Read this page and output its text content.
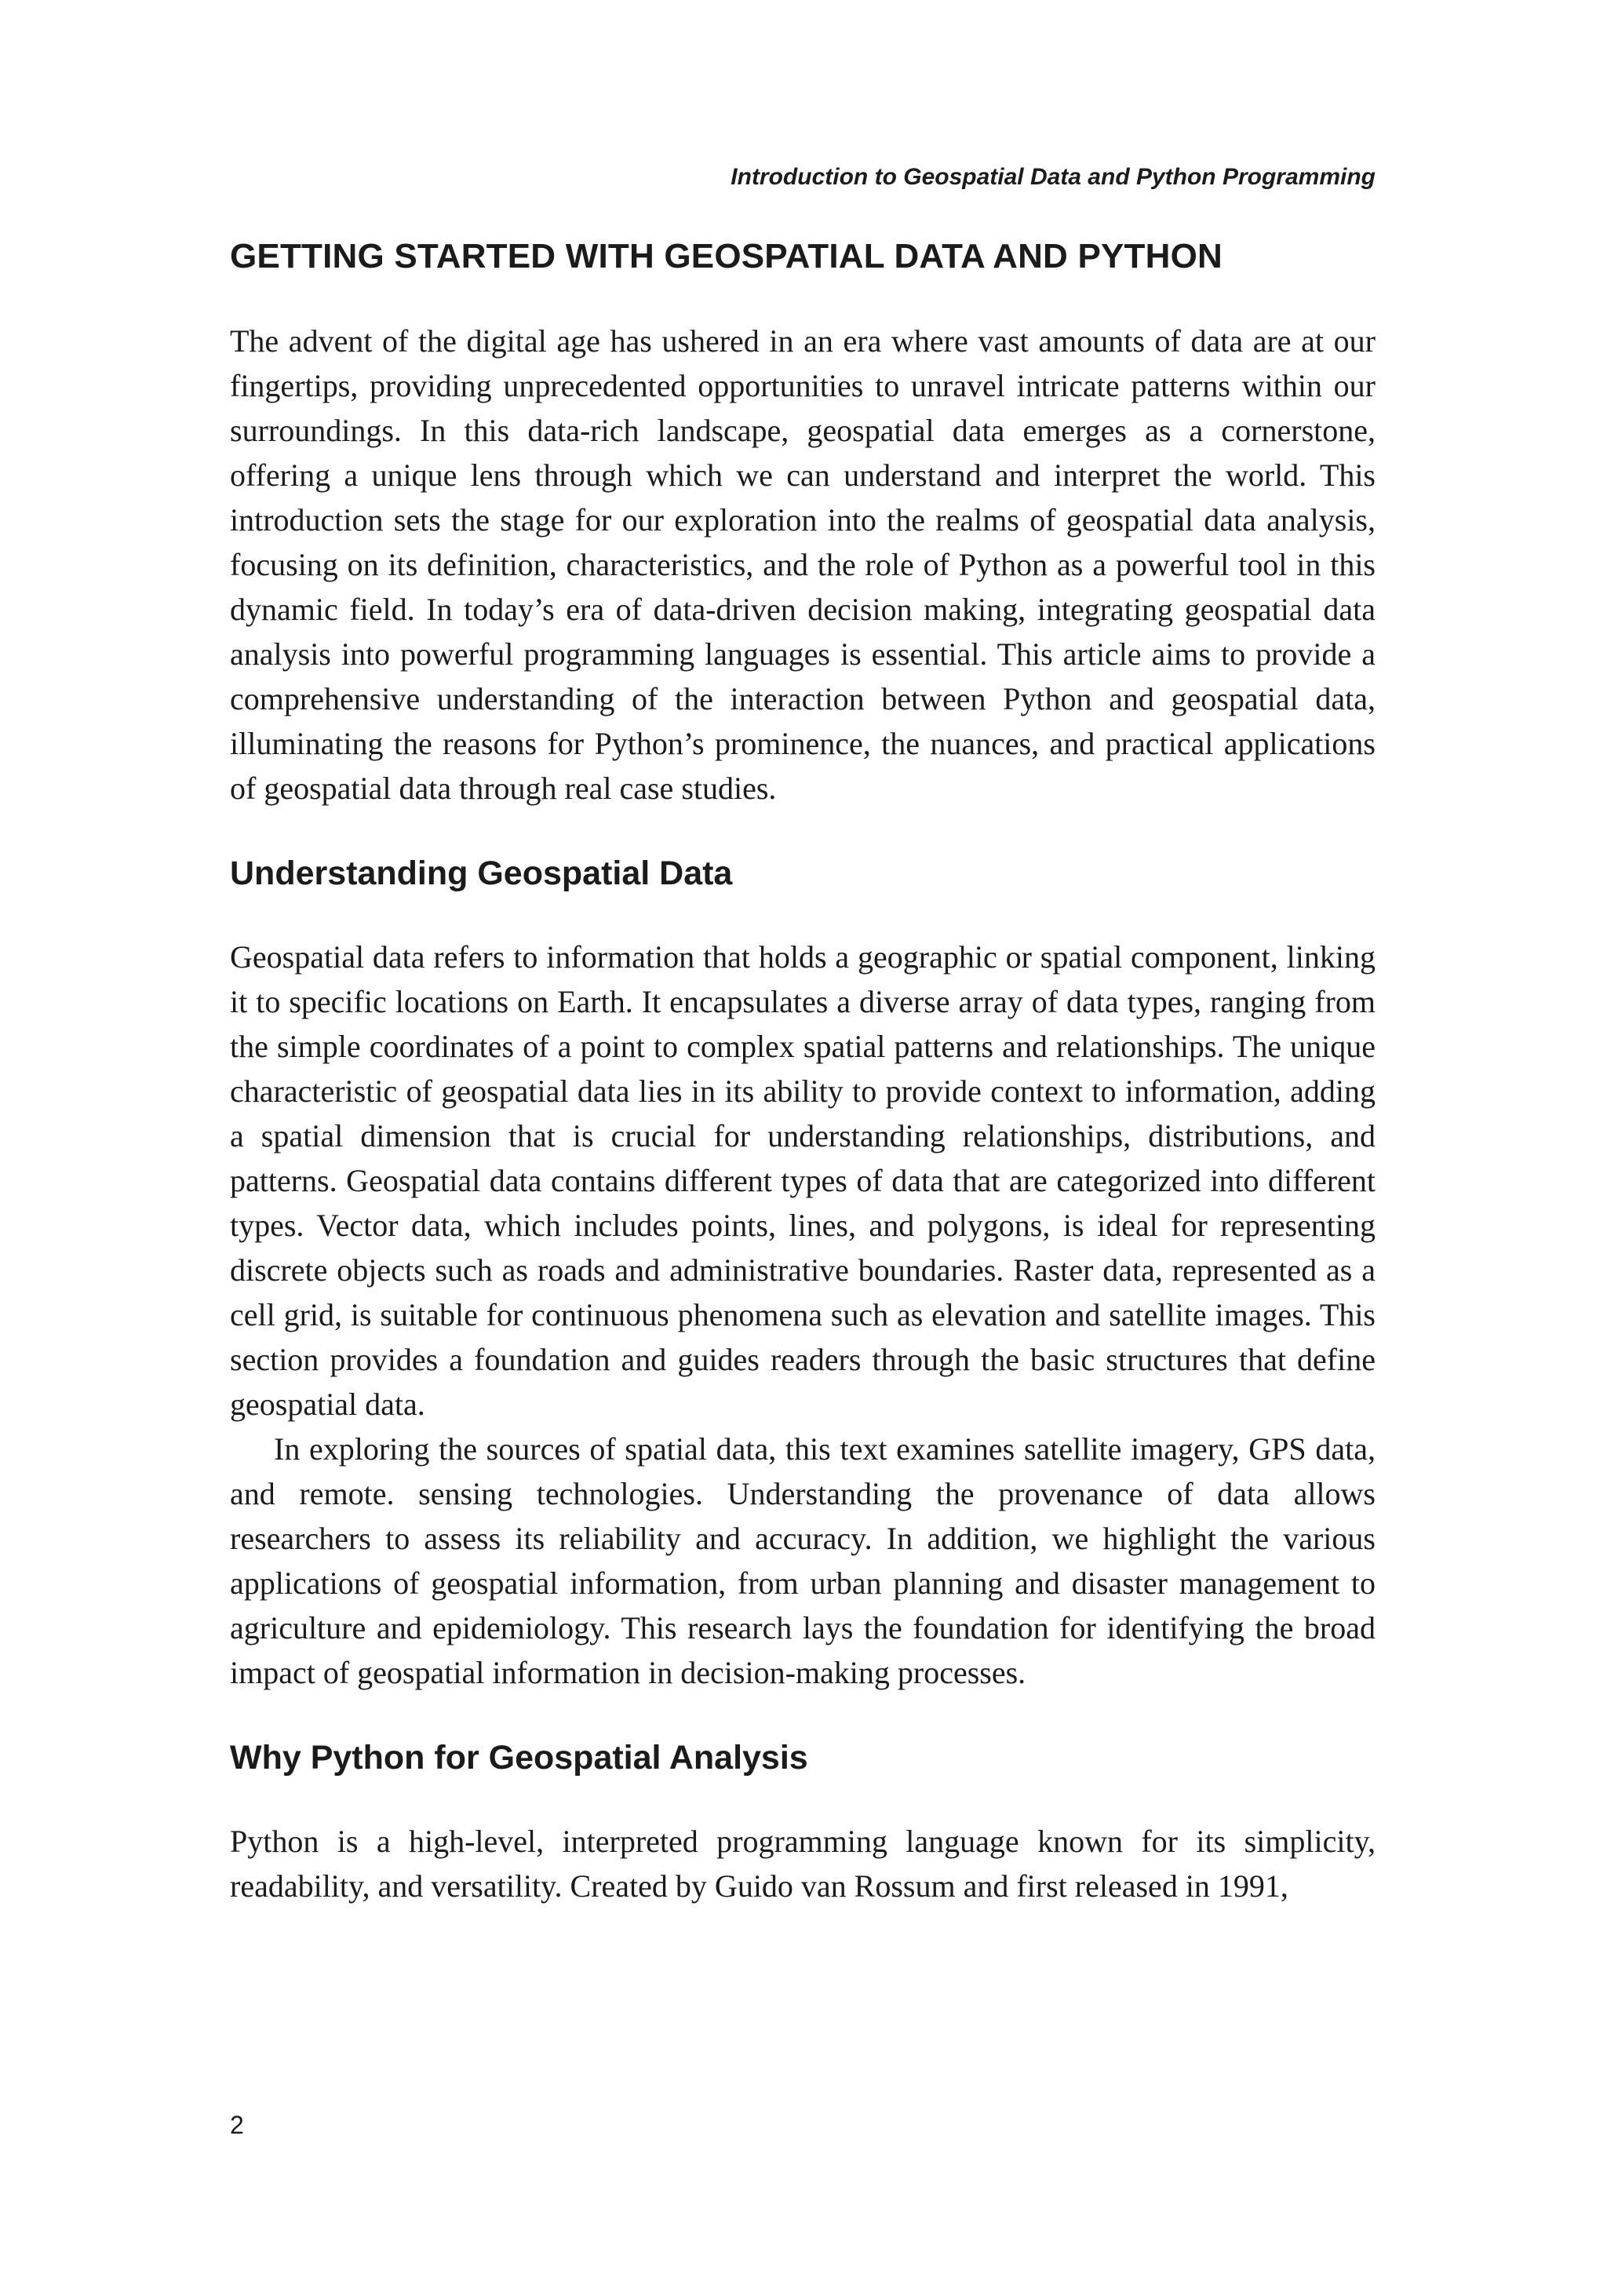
Introduction to Geospatial Data and Python Programming
GETTING STARTED WITH GEOSPATIAL DATA AND PYTHON

The advent of the digital age has ushered in an era where vast amounts of data are at our fingertips, providing unprecedented opportunities to unravel intricate patterns within our surroundings. In this data-rich landscape, geospatial data emerges as a cornerstone, offering a unique lens through which we can understand and interpret the world. This introduction sets the stage for our exploration into the realms of geospatial data analysis, focusing on its definition, characteristics, and the role of Python as a powerful tool in this dynamic field. In today’s era of data-driven decision making, integrating geospatial data analysis into powerful programming languages is essential. This article aims to provide a comprehensive understanding of the interaction between Python and geospatial data, illuminating the reasons for Python’s prominence, the nuances, and practical applications of geospatial data through real case studies.

Understanding Geospatial Data

Geospatial data refers to information that holds a geographic or spatial component, linking it to specific locations on Earth. It encapsulates a diverse array of data types, ranging from the simple coordinates of a point to complex spatial patterns and relationships. The unique characteristic of geospatial data lies in its ability to provide context to information, adding a spatial dimension that is crucial for understanding relationships, distributions, and patterns. Geospatial data contains different types of data that are categorized into different types. Vector data, which includes points, lines, and polygons, is ideal for representing discrete objects such as roads and administrative boundaries. Raster data, represented as a cell grid, is suitable for continuous phenomena such as elevation and satellite images. This section provides a foundation and guides readers through the basic structures that define geospatial data.

In exploring the sources of spatial data, this text examines satellite imagery, GPS data, and remote. sensing technologies. Understanding the provenance of data allows researchers to assess its reliability and accuracy. In addition, we highlight the various applications of geospatial information, from urban planning and disaster management to agriculture and epidemiology. This research lays the foundation for identifying the broad impact of geospatial information in decision-making processes.

Why Python for Geospatial Analysis

Python is a high-level, interpreted programming language known for its simplicity, readability, and versatility. Created by Guido van Rossum and first released in 1991,

2
